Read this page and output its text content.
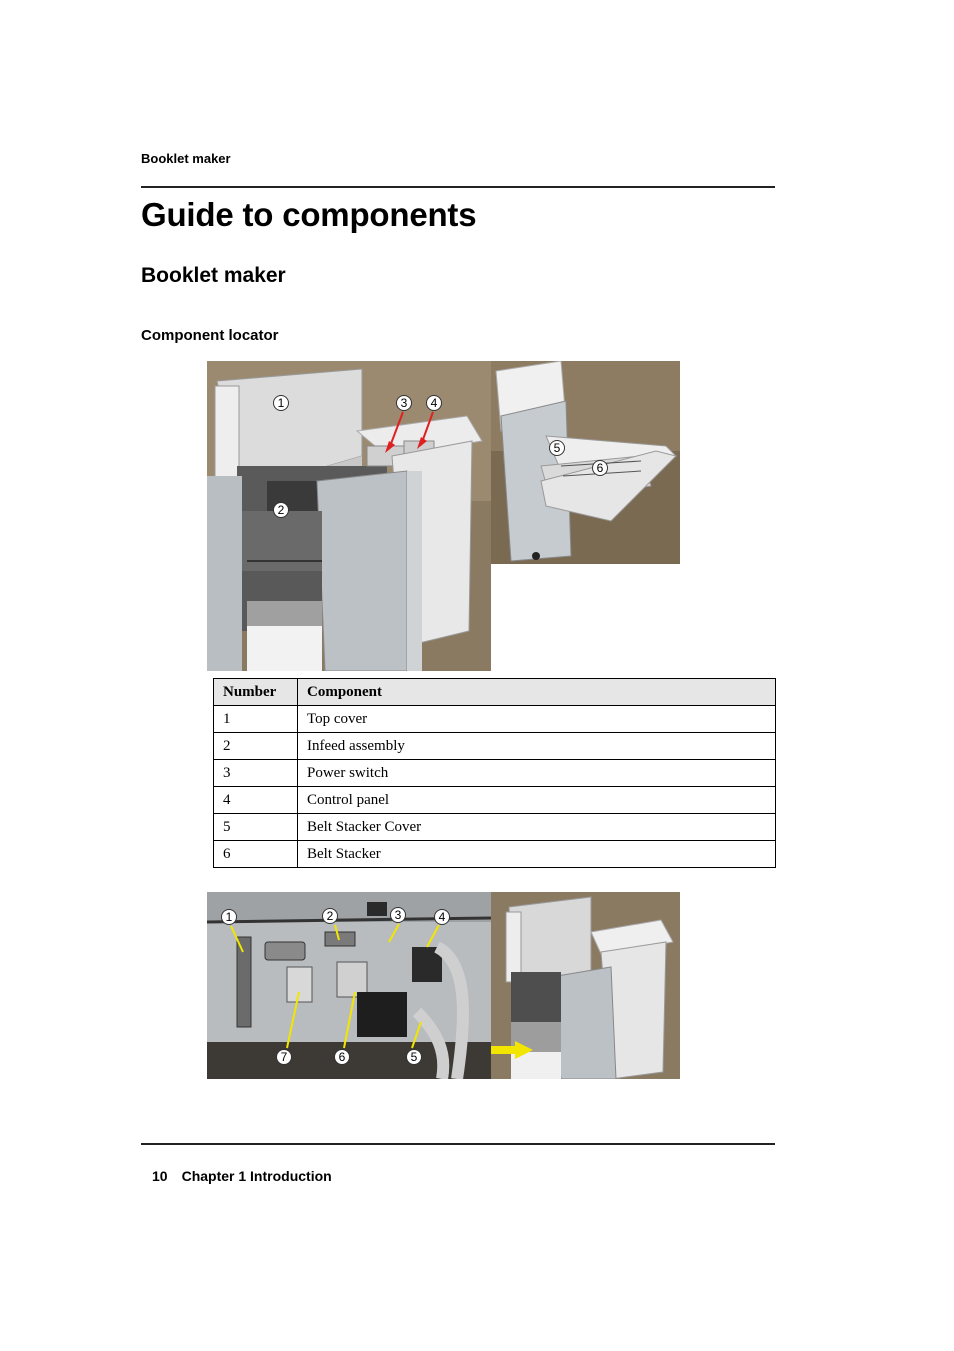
Booklet maker
Guide to components
Booklet maker
Component locator
1
2
3	4
5
6
Number	Component
1	Top cover
2	Infeed assembly
3	Power switch
4	Control panel
5	Belt Stacker Cover
6	Belt Stacker
1	2	3	4
5
6
7
10 Chapter 1 Introduction
